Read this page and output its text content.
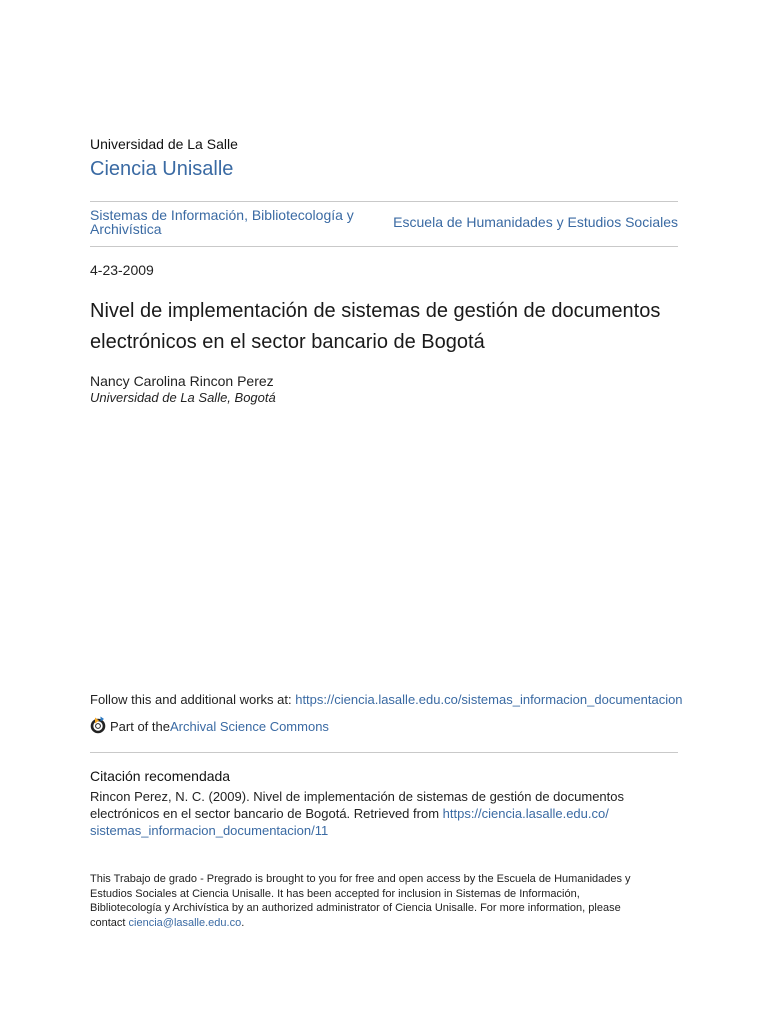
Universidad de La Salle
Ciencia Unisalle
Sistemas de Información, Bibliotecología y Archivística	Escuela de Humanidades y Estudios Sociales
4-23-2009
Nivel de implementación de sistemas de gestión de documentos electrónicos en el sector bancario de Bogotá
Nancy Carolina Rincon Perez
Universidad de La Salle, Bogotá
Follow this and additional works at: https://ciencia.lasalle.edu.co/sistemas_informacion_documentacion
Part of the Archival Science Commons
Citación recomendada
Rincon Perez, N. C. (2009). Nivel de implementación de sistemas de gestión de documentos electrónicos en el sector bancario de Bogotá. Retrieved from https://ciencia.lasalle.edu.co/
sistemas_informacion_documentacion/11
This Trabajo de grado - Pregrado is brought to you for free and open access by the Escuela de Humanidades y Estudios Sociales at Ciencia Unisalle. It has been accepted for inclusion in Sistemas de Información, Bibliotecología y Archivística by an authorized administrator of Ciencia Unisalle. For more information, please contact ciencia@lasalle.edu.co.
